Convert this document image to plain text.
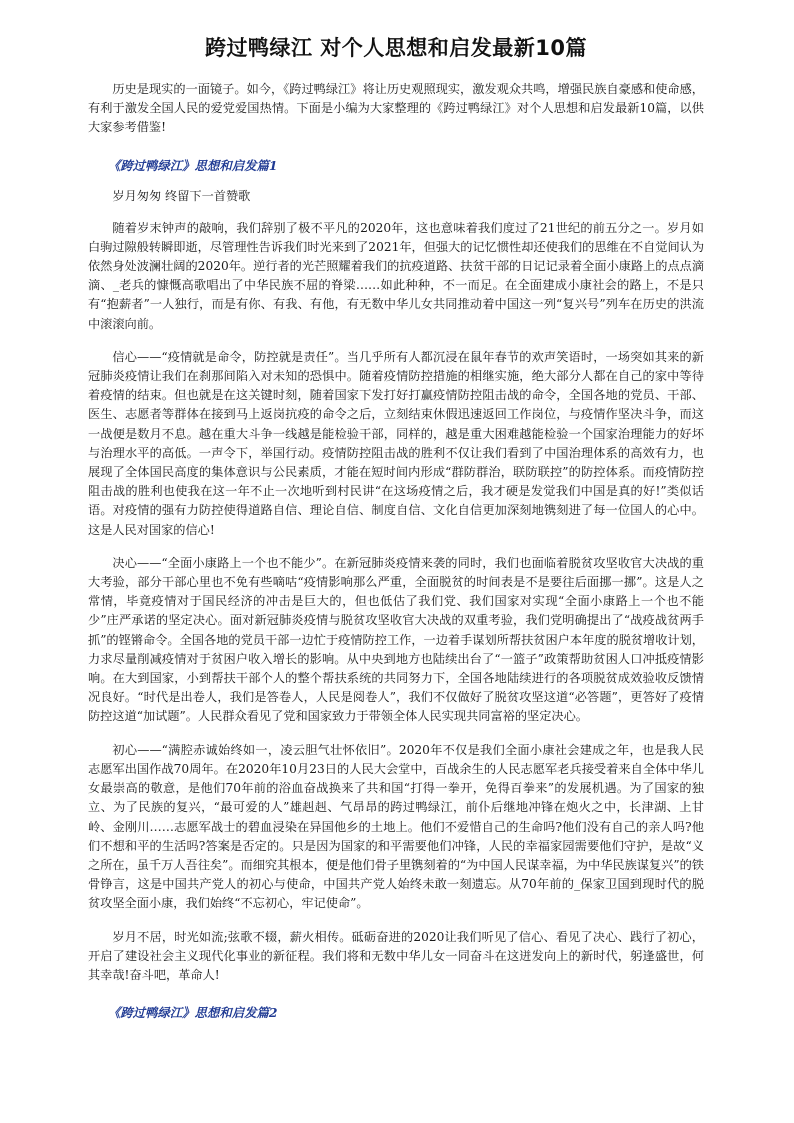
跨过鸭绿江 对个人思想和启发最新10篇

历史是现实的一面镜子。如今，《跨过鸭绿江》将让历史观照现实，激发观众共鸣，增强民族自豪感和使命感，有利于激发全国人民的爱党爱国热情。下面是小编为大家整理的《跨过鸭绿江》对个人思想和启发最新10篇，以供大家参考借鉴!

《跨过鸭绿江》思想和启发篇1

岁月匆匆 终留下一首赞歌

随着岁末钟声的敲响，我们辞别了极不平凡的2020年，这也意味着我们度过了21世纪的前五分之一。岁月如白驹过隙般转瞬即逝，尽管理性告诉我们时光来到了2021年，但强大的记忆惯性却还使我们的思维在不自觉间认为依然身处波澜壮阔的2020年。逆行者的光芒照耀着我们的抗疫道路、扶贫干部的日记记录着全面小康路上的点点滴滴、_老兵的慷慨高歌唱出了中华民族不屈的脊梁……如此种种，不一而足。在全面建成小康社会的路上，不是只有“抱薪者”一人独行，而是有你、有我、有他，有无数中华儿女共同推动着中国这一列“复兴号”列车在历史的洪流中滚滚向前。

信心——“疫情就是命令，防控就是责任”。当几乎所有人都沉浸在鼠年春节的欢声笑语时，一场突如其来的新冠肺炎疫情让我们在刹那间陷入对未知的恐惧中。随着疫情防控措施的相继实施，绝大部分人都在自己的家中等待着疫情的结束。但也就是在这关键时刻，随着国家下发打好打赢疫情防控阻击战的命令，全国各地的党员、干部、医生、志愿者等群体在接到马上返岗抗疫的命令之后，立刻结束休假迅速返回工作岗位，与疫情作坚决斗争，而这一战便是数月不息。越在重大斗争一线越是能检验干部，同样的，越是重大困难越能检验一个国家治理能力的好坏与治理水平的高低。一声令下，举国行动。疫情防控阻击战的胜利不仅让我们看到了中国治理体系的高效有力，也展现了全体国民高度的集体意识与公民素质，才能在短时间内形成“群防群治，联防联控”的防控体系。而疫情防控阻击战的胜利也使我在这一年不止一次地听到村民讲“在这场疫情之后，我才硬是发觉我们中国是真的好!”类似话语。对疫情的强有力防控使得道路自信、理论自信、制度自信、文化自信更加深刻地镌刻进了每一位国人的心中。这是人民对国家的信心!

决心——“全面小康路上一个也不能少”。在新冠肺炎疫情来袭的同时，我们也面临着脱贫攻坚收官大决战的重大考验，部分干部心里也不免有些嘀咕“疫情影响那么严重，全面脱贫的时间表是不是要往后面挪一挪”。这是人之常情，毕竟疫情对于国民经济的冲击是巨大的，但也低估了我们党、我们国家对实现“全面小康路上一个也不能少”庄严承诺的坚定决心。面对新冠肺炎疫情与脱贫攻坚收官大决战的双重考验，我们党明确提出了“战疫战贫两手抓”的铿锵命令。全国各地的党员干部一边忙于疫情防控工作，一边着手谋划所帮扶贫困户本年度的脱贫增收计划，力求尽量削减疫情对于贫困户收入增长的影响。从中央到地方也陆续出台了“一篮子”政策帮助贫困人口冲抵疫情影响。在大到国家，小到帮扶干部个人的整个帮扶系统的共同努力下，全国各地陆续进行的各项脱贫成效验收反馈情况良好。“时代是出卷人，我们是答卷人，人民是阅卷人”，我们不仅做好了脱贫攻坚这道“必答题”，更答好了疫情防控这道“加试题”。人民群众看见了党和国家致力于带领全体人民实现共同富裕的坚定决心。

初心——“满腔赤诚始终如一，凌云胆气壮怀依旧”。2020年不仅是我们全面小康社会建成之年，也是我人民志愿军出国作战70周年。在2020年10月23日的人民大会堂中，百战余生的人民志愿军老兵接受着来自全体中华儿女最崇高的敬意，是他们70年前的浴血奋战换来了共和国“打得一拳开，免得百拳来”的发展机遇。为了国家的独立、为了民族的复兴，“最可爱的人”雄赳赳、气昂昂的跨过鸭绿江，前仆后继地冲锋在炮火之中，长津湖、上甘岭、金刚川……志愿军战士的碧血浸染在异国他乡的土地上。他们不爱惜自己的生命吗?他们没有自己的亲人吗?他们不想和平的生活吗?答案是否定的。只是因为国家的和平需要他们冲锋，人民的幸福家园需要他们守护，是故“义之所在，虽千万人吾往矣”。而细究其根本，便是他们骨子里镌刻着的“为中国人民谋幸福，为中华民族谋复兴”的铁骨铮言，这是中国共产党人的初心与使命，中国共产党人始终未敢一刻遗忘。从70年前的_保家卫国到现时代的脱贫攻坚全面小康，我们始终“不忘初心，牢记使命”。

岁月不居，时光如流;弦歌不辍，薪火相传。砥砺奋进的2020让我们听见了信心、看见了决心、践行了初心，开启了建设社会主义现代化事业的新征程。我们将和无数中华儿女一同奋斗在这迸发向上的新时代，躬逢盛世，何其幸哉!奋斗吧，革命人!

《跨过鸭绿江》思想和启发篇2
